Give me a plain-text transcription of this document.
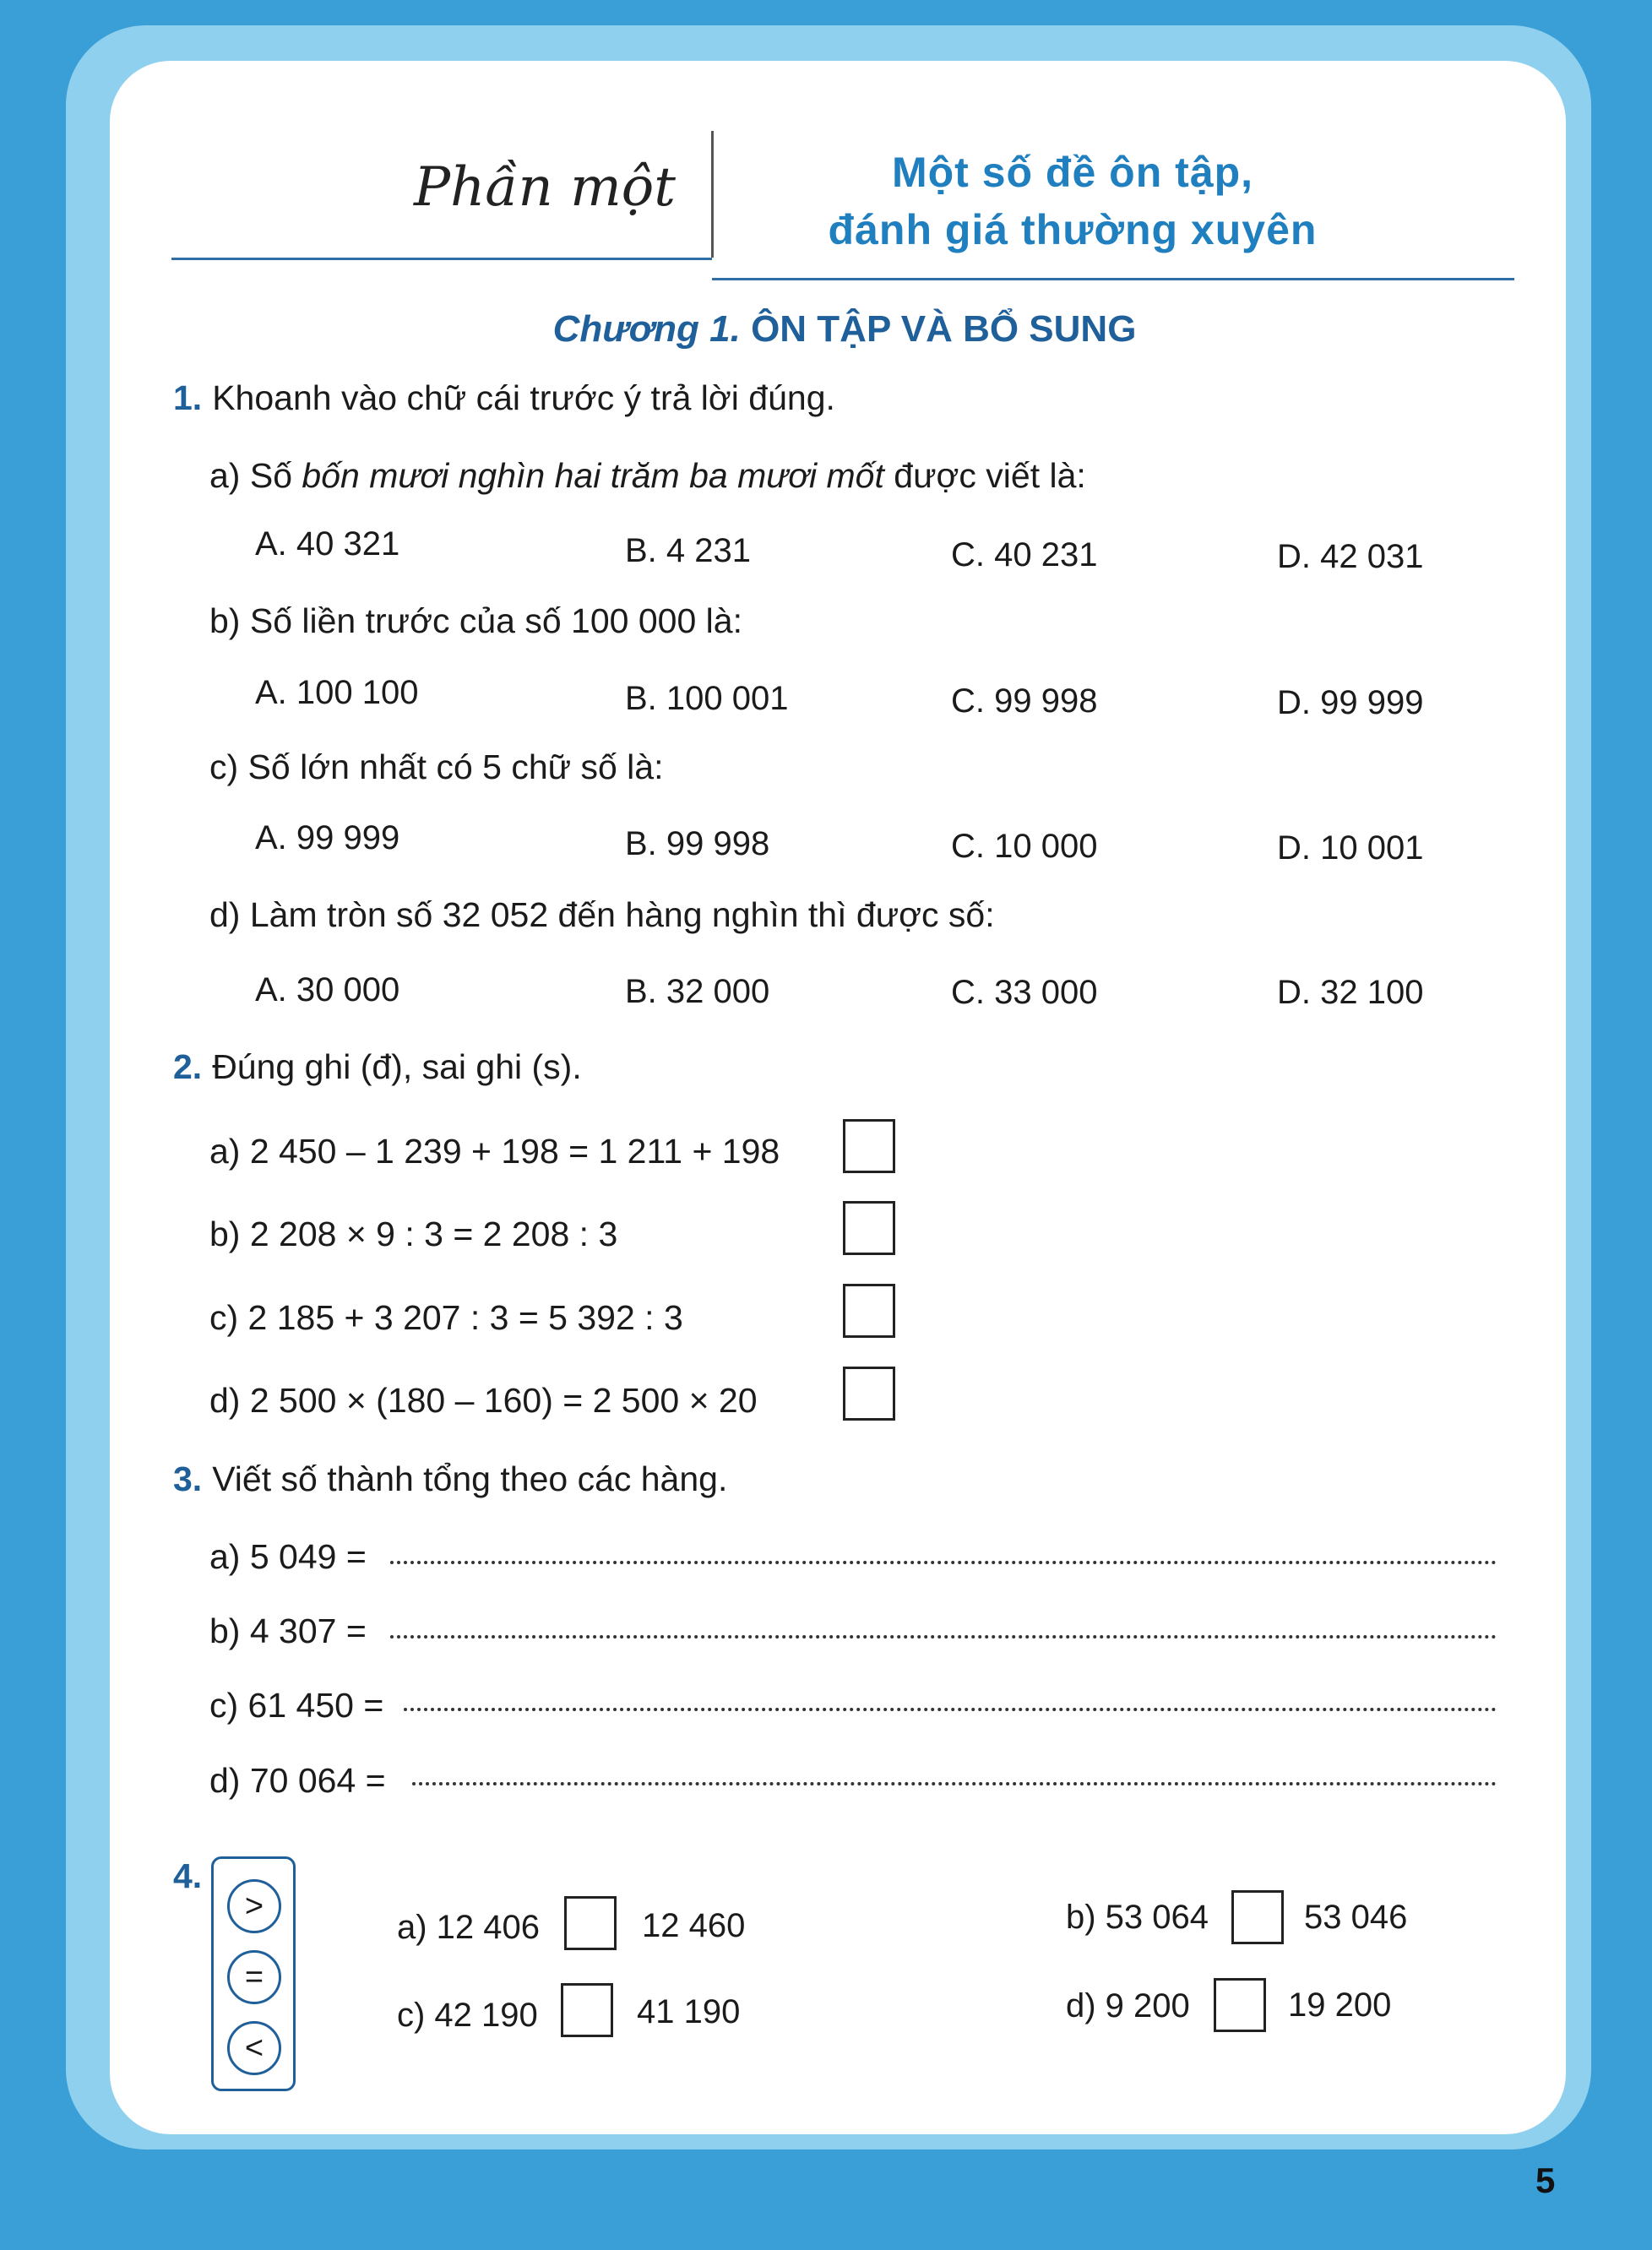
Phần một	Một số đề ôn tập,
đánh giá thường xuyên
Chương 1. ÔN TẬP VÀ BỔ SUNG
1. Khoanh vào chữ cái trước ý trả lời đúng.
a) Số bốn mươi nghìn hai trăm ba mươi mốt được viết là:
A. 40 321	B. 4 231	C. 40 231	D. 42 031
b) Số liền trước của số 100 000 là:
A. 100 100	B. 100 001	C. 99 998	D. 99 999
c) Số lớn nhất có 5 chữ số là:
A. 99 999	B. 99 998	C. 10 000	D. 10 001
d) Làm tròn số 32 052 đến hàng nghìn thì được số:
A. 30 000	B. 32 000	C. 33 000	D. 32 100
2. Đúng ghi (đ), sai ghi (s).
a) 2 450 – 1 239 + 198 = 1 211 + 198
b) 2 208 × 9 : 3 = 2 208 : 3
c) 2 185 + 3 207 : 3 = 5 392 : 3
d) 2 500 × (180 – 160) = 2 500 × 20
3. Viết số thành tổng theo các hàng.
a) 5 049 =
b) 4 307 =
c) 61 450 =
d) 70 064 =
4.
>
=
<
a) 12 406	12 460	b) 53 064	53 046
c) 42 190	41 190	d) 9 200	19 200
5
